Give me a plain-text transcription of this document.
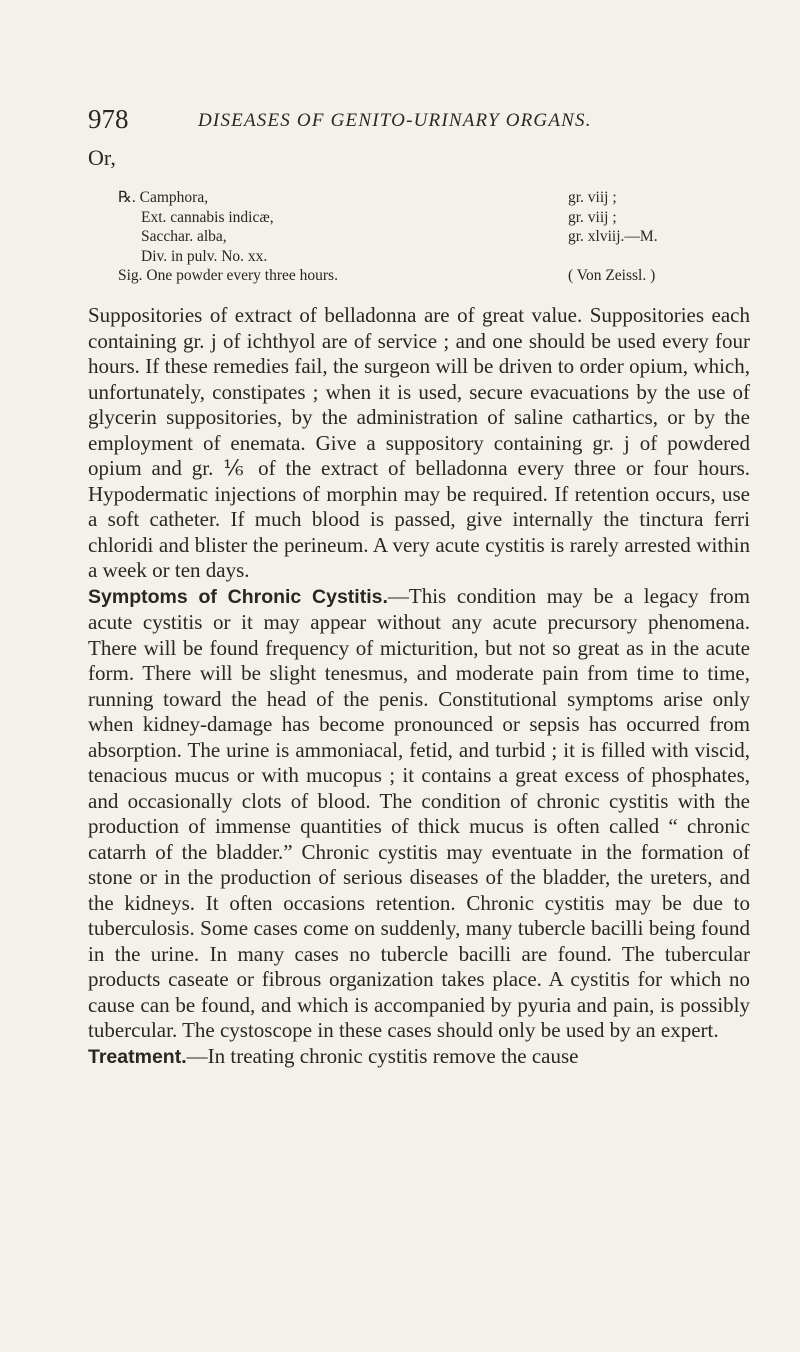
978	DISEASES OF GENITO-URINARY ORGANS.
Or,
℞. Camphora,	gr. viij ;
Ext. cannabis indicæ,	gr. viij ;
Sacchar. alba,	gr. xlviij.—M.
Div. in pulv. No. xx.
Sig. One powder every three hours.	( Von Zeissl. )

Suppositories of extract of belladonna are of great value. Suppositories each containing gr. j of ichthyol are of service ; and one should be used every four hours. If these remedies fail, the surgeon will be driven to order opium, which, unfortunately, constipates ; when it is used, secure evacuations by the use of glycerin suppositories, by the administration of saline cathartics, or by the employment of enemata. Give a suppository containing gr. j of powdered opium and gr. ⅙ of the extract of belladonna every three or four hours. Hypodermatic injections of morphin may be required. If retention occurs, use a soft catheter. If much blood is passed, give internally the tinctura ferri chloridi and blister the perineum. A very acute cystitis is rarely arrested within a week or ten days.

Symptoms of Chronic Cystitis.—This condition may be a legacy from acute cystitis or it may appear without any acute precursory phenomena. There will be found frequency of micturition, but not so great as in the acute form. There will be slight tenesmus, and moderate pain from time to time, running toward the head of the penis. Constitutional symptoms arise only when kidney-damage has become pronounced or sepsis has occurred from absorption. The urine is ammoniacal, fetid, and turbid ; it is filled with viscid, tenacious mucus or with mucopus ; it contains a great excess of phosphates, and occasionally clots of blood. The condition of chronic cystitis with the production of immense quantities of thick mucus is often called “ chronic catarrh of the bladder.” Chronic cystitis may eventuate in the formation of stone or in the production of serious diseases of the bladder, the ureters, and the kidneys. It often occasions retention. Chronic cystitis may be due to tuberculosis. Some cases come on suddenly, many tubercle bacilli being found in the urine. In many cases no tubercle bacilli are found. The tubercular products caseate or fibrous organization takes place. A cystitis for which no cause can be found, and which is accompanied by pyuria and pain, is possibly tubercular. The cystoscope in these cases should only be used by an expert.

Treatment.—In treating chronic cystitis remove the cause
